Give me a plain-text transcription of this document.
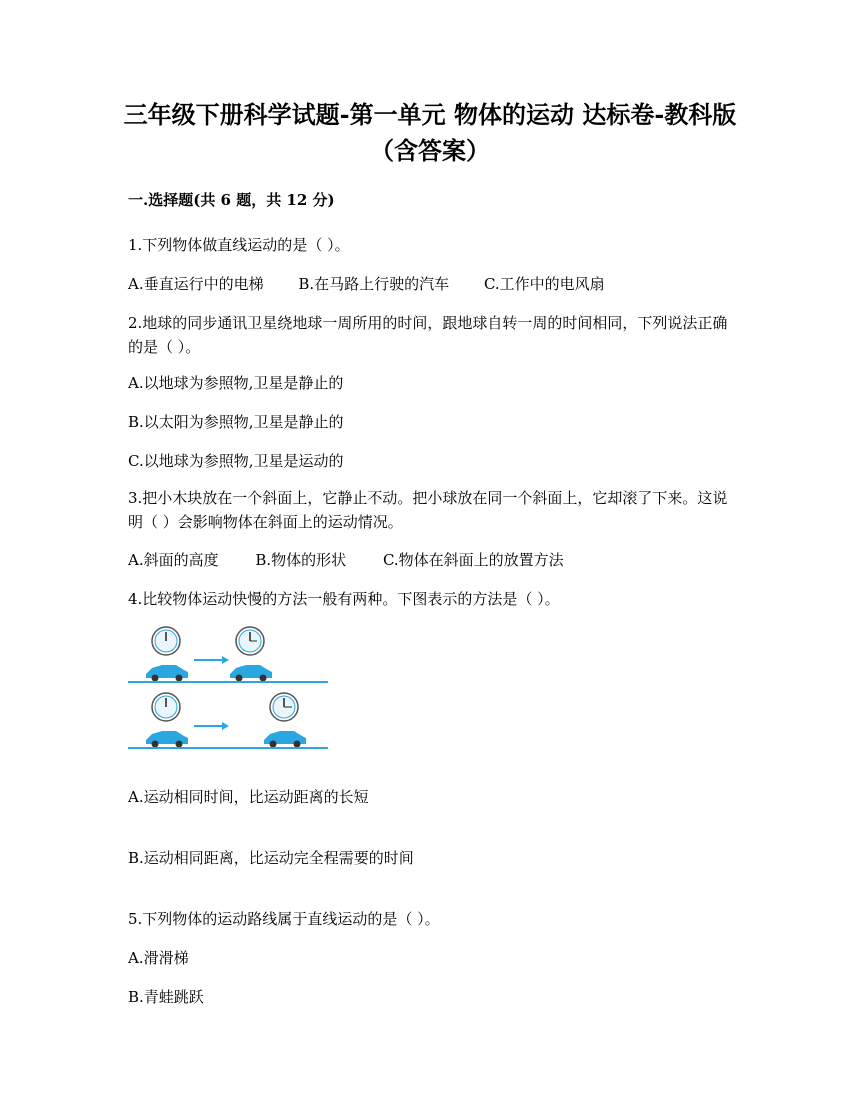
三年级下册科学试题-第一单元 物体的运动 达标卷-教科版（含答案）
一.选择题(共 6 题，共 12 分)
1.下列物体做直线运动的是（ ）。
A.垂直运行中的电梯 B.在马路上行驶的汽车 C.工作中的电风扇
2.地球的同步通讯卫星绕地球一周所用的时间，跟地球自转一周的时间相同，下列说法正确的是（ ）。
A.以地球为参照物,卫星是静止的
B.以太阳为参照物,卫星是静止的
C.以地球为参照物,卫星是运动的
3.把小木块放在一个斜面上，它静止不动。把小球放在同一个斜面上，它却滚了下来。这说明（ ）会影响物体在斜面上的运动情况。
A.斜面的高度 B.物体的形状 C.物体在斜面上的放置方法
4.比较物体运动快慢的方法一般有两种。下图表示的方法是（ ）。
A.运动相同时间，比运动距离的长短
B.运动相同距离，比运动完全程需要的时间
5.下列物体的运动路线属于直线运动的是（ ）。
A.滑滑梯
B.青蛙跳跃
